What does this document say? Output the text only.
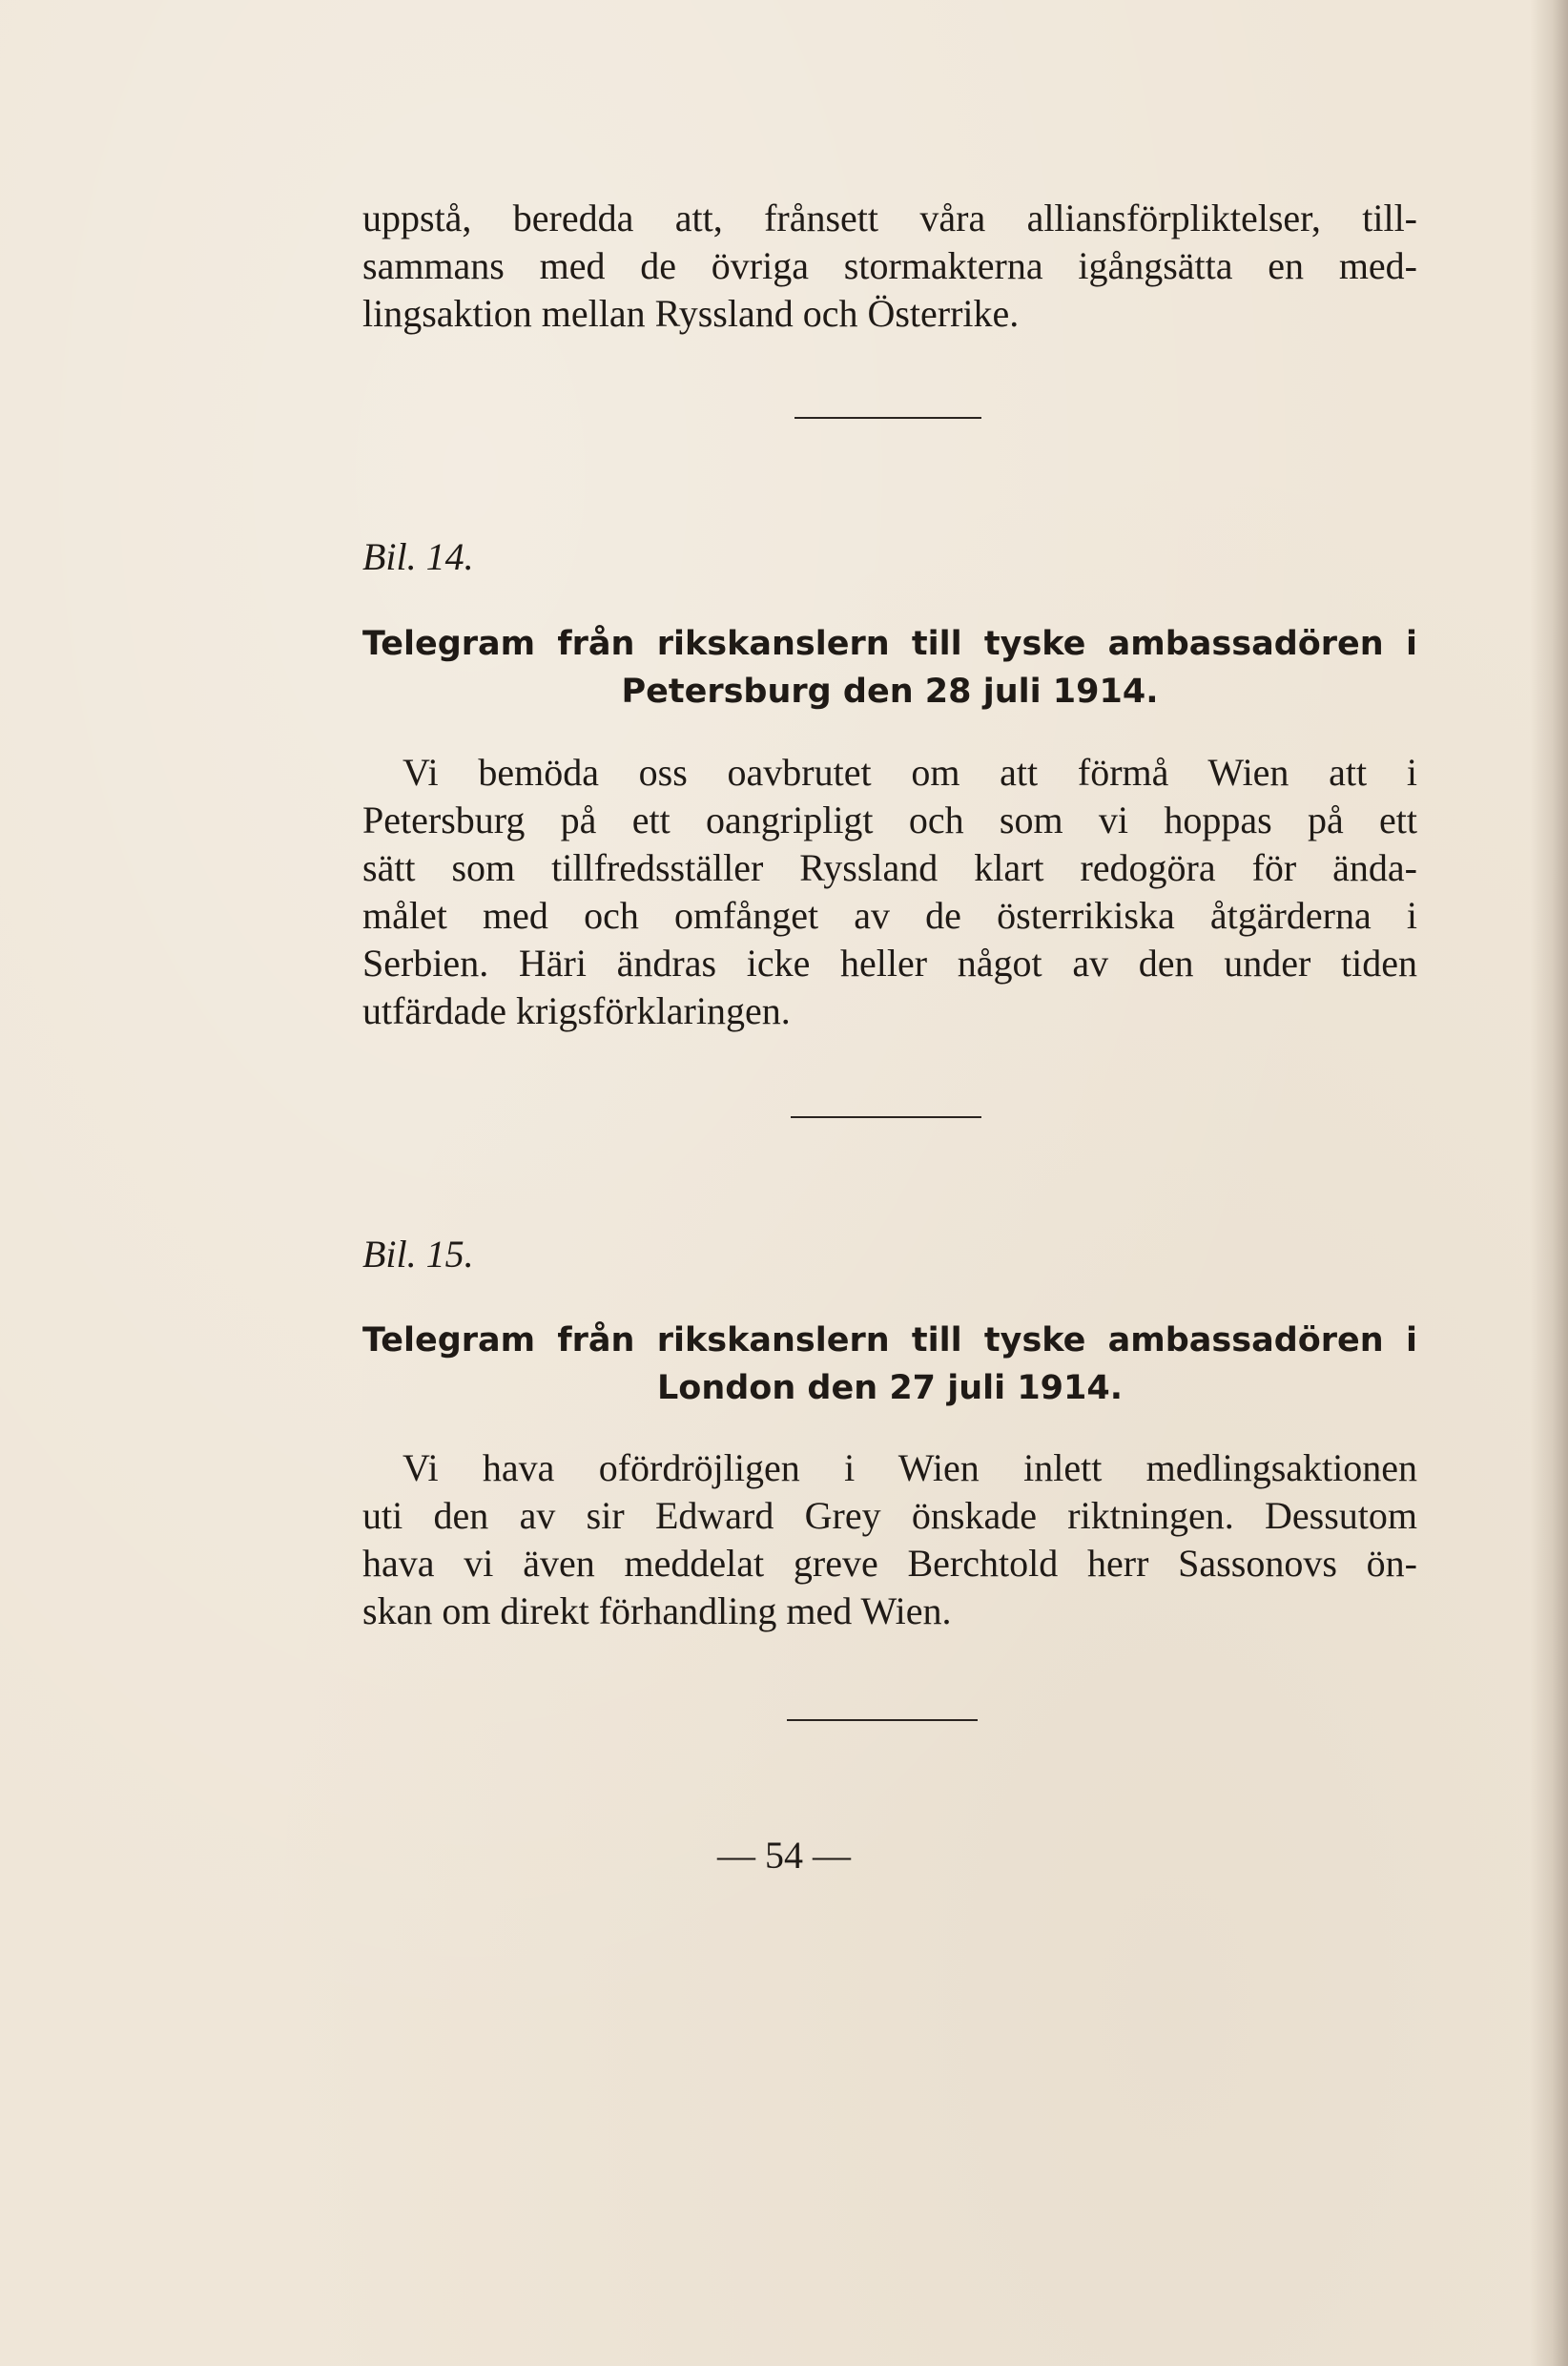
uppstå, beredda att, frånsett våra alliansförpliktelser, till-
sammans med de övriga stormakterna igångsätta en med-
lingsaktion mellan Ryssland och Österrike.

Bil. 14.

Telegram från rikskanslern till tyske ambassadören i
Petersburg den 28 juli 1914.
Vi bemöda oss oavbrutet om att förmå Wien att i
Petersburg på ett oangripligt och som vi hoppas på ett
sätt som tillfredsställer Ryssland klart redogöra för ända-
målet med och omfånget av de österrikiska åtgärderna i
Serbien. Häri ändras icke heller något av den under tiden
utfärdade krigsförklaringen.

Bil. 15.

Telegram från rikskanslern till tyske ambassadören i
London den 27 juli 1914.
Vi hava ofördröjligen i Wien inlett medlingsaktionen
uti den av sir Edward Grey önskade riktningen. Dessutom
hava vi även meddelat greve Berchtold herr Sassonovs ön-
skan om direkt förhandling med Wien.
— 54 —
